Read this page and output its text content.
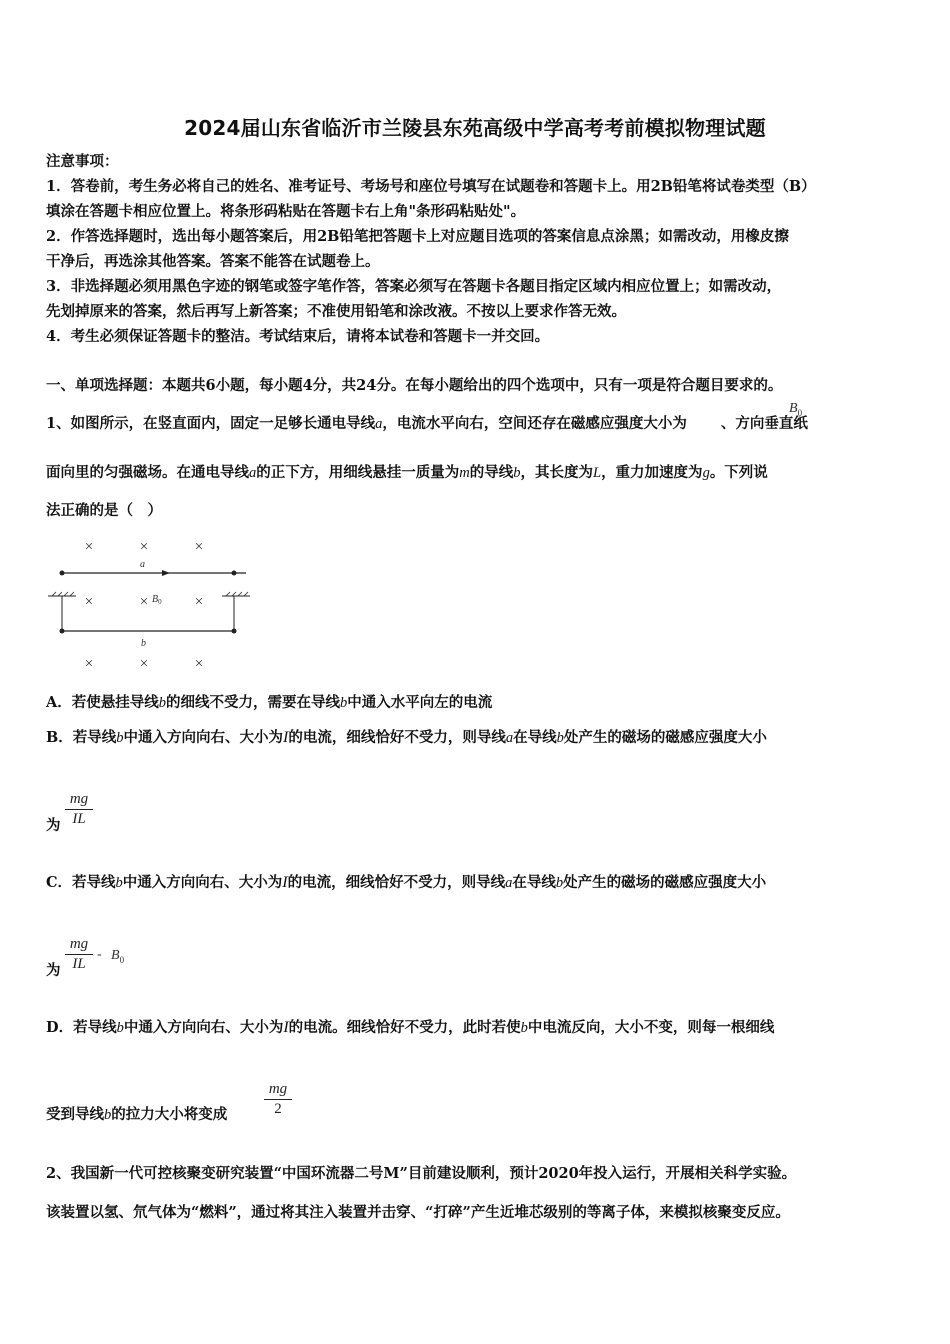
2024届山东省临沂市兰陵县东苑高级中学高考考前模拟物理试题
注意事项：
1．答卷前，考生务必将自己的姓名、准考证号、考场号和座位号填写在试题卷和答题卡上。用2B铅笔将试卷类型（B）
填涂在答题卡相应位置上。将条形码粘贴在答题卡右上角"条形码粘贴处"。
2．作答选择题时，选出每小题答案后，用2B铅笔把答题卡上对应题目选项的答案信息点涂黑；如需改动，用橡皮擦
干净后，再选涂其他答案。答案不能答在试题卷上。
3．非选择题必须用黑色字迹的钢笔或签字笔作答，答案必须写在答题卡各题目指定区域内相应位置上；如需改动，
先划掉原来的答案，然后再写上新答案；不准使用铅笔和涂改液。不按以上要求作答无效。
4．考生必须保证答题卡的整洁。考试结束后，请将本试卷和答题卡一并交回。
一、单项选择题：本题共6小题，每小题4分，共24分。在每小题给出的四个选项中，只有一项是符合题目要求的。
1、如图所示，在竖直面内，固定一足够长通电导线a，电流水平向右，空间还存在磁感应强度大小为 、方向垂直纸
$B_0$
面向里的匀强磁场。在通电导线a的正下方，用细线悬挂一质量为m的导线b，其长度为L，重力加速度为g。下列说
法正确的是（　）
×	×	×
×	×	×
×	×	×
a
b
$B_0$
A．若使悬挂导线b的细线不受力，需要在导线b中通入水平向左的电流
B．若导线b中通入方向向右、大小为I的电流，细线恰好不受力，则导线a在导线b处产生的磁场的磁感应强度大小
为
mg
IL
C．若导线b中通入方向向右、大小为I的电流，细线恰好不受力，则导线a在导线b处产生的磁场的磁感应强度大小
为
mg
IL
- $B_0$
D．若导线b中通入方向向右、大小为I的电流。细线恰好不受力，此时若使b中电流反向，大小不变，则每一根细线
受到导线b的拉力大小将变成
mg
2
2、我国新一代可控核聚变研究装置“中国环流器二号M”目前建设顺利，预计2020年投入运行，开展相关科学实验。
该装置以氢、氘气体为“燃料”，通过将其注入装置并击穿、“打碎”产生近堆芯级别的等离子体，来模拟核聚变反应。
